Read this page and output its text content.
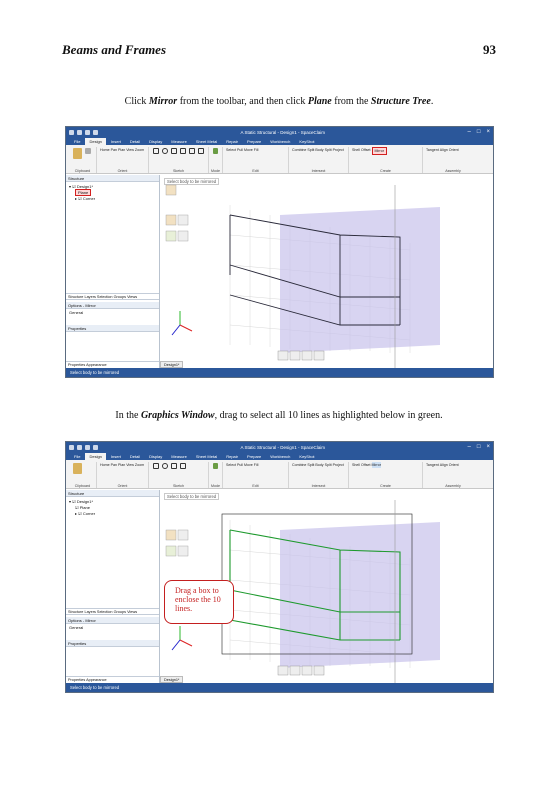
Beams and Frames	93
Click Mirror from the toolbar, and then click Plane from the Structure Tree.
In the Graphics Window, drag to select all 10 lines as highlighted below in green.
A Static Structural - Design1 - SpaceClaim	– □ ×
File	Design	Insert	Detail	Display	Measure	Sheet Metal	Repair	Prepare	Workbench	KeyShot
Clipboard
Home Pan Plan View Zoom
Orient	Sketch	Mode
Select Pull Move Fill
Edit
Combine Split Body Split Project
Intersect
Shell Offset	Mirror
Create
Tangent Align Orient
Assembly
Structure
▾ ☑ Design1*
Plane
▸ ☑ Corner
Structure Layers Selection Groups Views
Options - Mirror
General
Properties
Properties Appearance
Select body to be mirrored
Design1*
Select body to be mirrored
A Static Structural - Design1 - SpaceClaim	– □ ×
File	Design	Insert	Detail	Display	Measure	Sheet Metal	Repair	Prepare	Workbench	KeyShot
Clipboard
Home Pan Plan View Zoom
Orient	Sketch	Mode
Select Pull Move Fill
Edit
Combine Split Body Split Project
Intersect
Shell Offset Mirror
Create
Tangent Align Orient
Assembly
Structure
▾ ☑ Design1*
☑ Plane
▸ ☑ Corner
Structure Layers Selection Groups Views
Options - Mirror
General
Properties
Properties Appearance
Select body to be mirrored
Drag a box to enclose the 10 lines.
Design1*
Select body to be mirrored
